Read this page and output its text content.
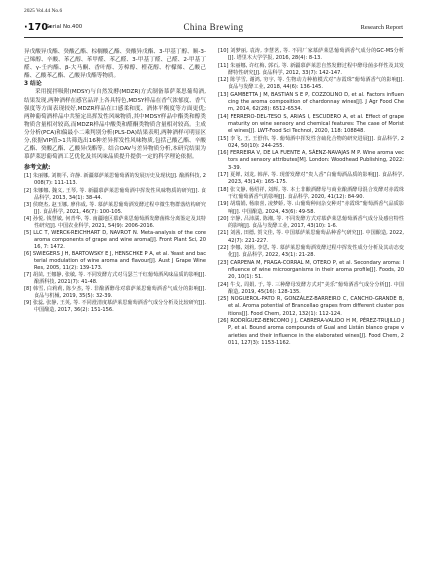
2025 Vol.44 No.6
·170·
Serial No.400	China Brewing	Research Report

异戊酸异戊酯、癸酸乙酯、棕榈酸乙酯、癸酸异戊酯、3-甲基丁醇、顺-3-己烯醇、辛酸、苯乙醇、苯甲醛、苯乙醛、3-甲基丁醛、己醛、2-甲基丁醛、γ-壬内酯、β-大马酮、香叶醇、芳樟醇、橙花醇、柠檬烯、乙酸己酯、乙酸苯乙酯、乙酸异戊酯等物质。

3 结论

采用搅拌吸附(MDSY)与自然发酵(MDZR)方式制备慕萨莱思葡萄酒,结果发现,两种酒样在感官品评上各具特色,MDSY样品在香气浓郁度、香气强度等方面表现较好,MDZR样品在口感柔和度、酒体平衡度等方面更优;两种葡萄酒样品中共鉴定出挥发性风味物质,其中MDSY样品中酯类和醇类物质含量相对较高,而MDZR样品中酸类和醛酮类物质含量相对较高。主成分分析(PCA)和偏最小二乘判别分析(PLS-DA)结果表明,两种酒样可明显区分,依据VIP值>1共筛选出16种差异挥发性风味物质,包括己酸乙酯、辛酸乙酯、癸酸乙酯、乙酸异戊酯等。结合OAV与差异物质分析,本研究结果为慕萨莱思葡萄酒工艺优化及其风味品质提升提供一定的科学理论依据。

参考文献:

[1] 朱丽娜, 刘朝平, 许静. 新疆慕萨莱思葡萄酒的发展历史及现状[J]. 酿酒科技, 2008(7): 111-113.

[2] 朱娜娜, 魏义, 王琴, 等. 新疆慕萨莱思葡萄酒中挥发性风味物质的研究[J]. 食品科学, 2013, 34(1): 38-44.

[3] 侯晓杰, 赵玉娜, 廖伟成, 等. 慕萨莱思葡萄酒发酵过程中微生物群落结构研究[J]. 食品科学, 2021, 46(7): 100-105.

[4] 孙悦, 钱慧敏, 何青华, 等. 南疆地区慕萨莱思葡萄酒发酵菌株分离鉴定及其特性研究[J]. 中国农业科学, 2021, 54(9): 2006-2016.

[5] LLC T, WERCK-REICHHART D, NAVROT N. Meta-analysis of the core aroma components of grape and wine aroma[J]. Front Plant Sci, 2016, 7: 1472.

[6] SWIEGERS J H, BARTOWSKY E J, HENSCHKE P A, et al. Yeast and bacterial modulation of wine aroma and flavour[J]. Aust J Grape Wine Res, 2005, 11(2): 139-173.

[7] 胡苗, 王娜静, 张敏, 等. 不同发酵方式对马瑟兰干红葡萄酒风味品质的影响[J]. 酿酒科技, 2021(7): 41-48.

[8] 韩雪, 白莉莉, 陈少杰, 等. 非酿酒酵母对慕萨莱思葡萄酒香气成分的影响[J]. 食品与机械, 2019, 35(5): 32-39.

[9] 张蕊, 张静, 王英, 等. 不同澄清度慕萨莱思葡萄酒香气成分分析及比较研究[J]. 中国酿造, 2017, 36(2): 151-156.

[10] 刘梦丽, 袁涛, 李慧茗, 等. 不同厂家慕萨莱思葡萄酒香气成分的GC-MS分析[J]. 塔里木大学学报, 2016, 28(4): 8-13.

[11] 朱丽娜, 许红梅, 郭石, 等. 新疆慕萨莱思自然发酵过程中酵母菌多样性及其发酵特性研究[J]. 食品科学, 2012, 33(7): 142-147.

[12] 陈学雪, 谢鸿, 穷宇, 等. 生物动力种植模式对“赤霞珠”葡萄酒香气的影响[J]. 食品与发酵工业, 2018, 44(6): 136-145.

[13] GAMBETTA J M, BASTIAN S E P, COZZOLINO D, et al. Factors influencing the aroma composition of chardonnay wines[J]. J Agr Food Chem, 2014, 62(28): 6512-6534.

[14] FERRERO-DEL-TESO S, ARIAS I, ESCUDERO A, et al. Effect of grape maturity on wine sensory and chemical features: The case of Moristel wines[J]. LWT-Food Sci Technol, 2020, 118: 108848.

[15] 李飞, 王, 王舒伟, 等. 葡萄酒中挥发性含硫化合物的研究进展[J]. 食品科学, 2024, 50(10): 244-255.

[16] FERREIRA V, DE LA FUENTE A, SÁENZ-NAVAJAS M P. Wine aroma vectors and sensory attributes[M]. London: Woodhead Publishing, 2022: 3-39.

[17] 夏婵, 刘龙, 韩萍, 等. 现蕾发酵对“贵人香”白葡萄酒品质的影响[J]. 食品科学, 2023, 43(14): 165-175.

[18] 张文静, 杨绍祥, 刘辉, 等. 本土非酿酒酵母与商业酿酒酵母混合发酵对赤霞珠干红葡萄酒香气的影响[J]. 食品科学, 2020, 41(12): 84-90.

[19] 胡瑞娟, 杨康喜, 凌梦娇, 等. 山葡萄种间杂交种对“赤霞珠”葡萄酒香气品质影响[J]. 中国酿造, 2024, 43(6): 49-58.

[20] 辛静, 吕沛濡, 陈湘, 等. 不同发酵方式对慕萨莱思葡萄酒香气成分及感官特性的影响[J]. 食品与发酵工业, 2017, 43(10): 1-6.

[21] 刘茜, 田德, 贺文佳, 等. 中国慕萨莱思葡萄品种香气研究[J]. 中国酿造, 2022, 42(7): 221-227.

[22] 李娜, 刘莉, 李思, 等. 慕萨莱思葡萄酒发酵过程中挥发性成分分析及其动态变化[J]. 食品科学, 2022, 43(1): 21-28.

[23] CARPENA M, FRAGA-CORRAL M, OTERO P, et al. Secondary aroma: Influence of wine microorganisms in their aroma profile[J]. Foods, 2020, 10(1): 51.

[24] 牛戈, 周娟, 于, 等. 三种酵母发酵方式对“美乐”葡萄酒香气成分分析[J]. 中国酿造, 2019, 45(16): 128-135.

[25] NOGUEROL-PATO R, GONZÁLEZ-BARREIRO C, CANCHO-GRANDE B, et al. Aroma potential of Brancellao grapes from different cluster positions[J]. Food Chem, 2012, 132(1): 112-124.

[26] RODRÍGUEZ-BENCOMO J J, CABRERA-VALIDO H M, PÉREZ-TRUJILLO J P, et al. Bound aroma compounds of Gual and Listán blanco grape varieties and their influence in the elaborated wines[J]. Food Chem, 2011, 127(3): 1153-1162.
